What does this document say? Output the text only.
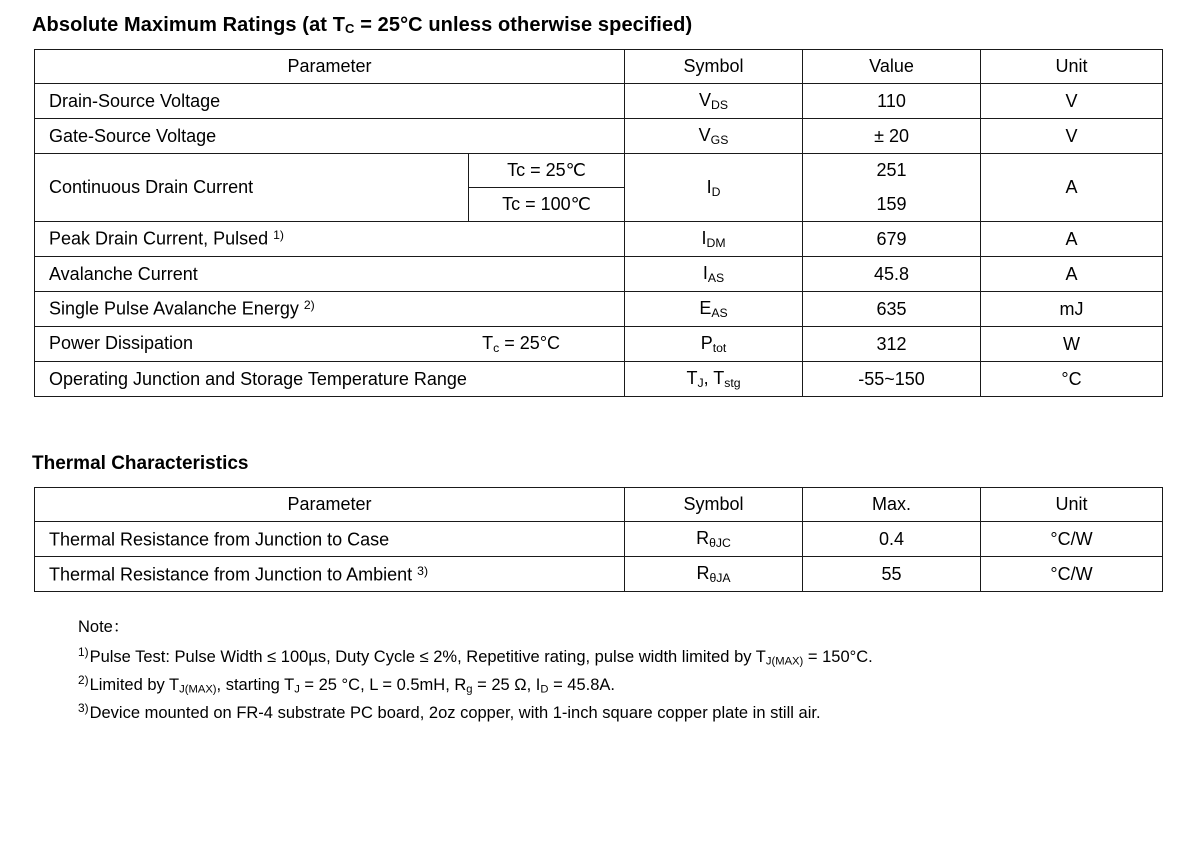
Absolute Maximum Ratings (at $T_C = 25^\circ C$ unless otherwise specified)
Parameter		Symbol	Value	Unit
Drain-Source Voltage		$V_{DS}$	110	V
Gate-Source Voltage		$V_{GS}$	± 20	V
Continuous Drain Current	Tc = 25℃	$I_D$	251	A
	Tc = 100℃		159	
Peak Drain Current, Pulsed $^{1)}$		$I_{DM}$	679	A
Avalanche Current		$I_{AS}$	45.8	A
Single Pulse Avalanche Energy $^{2)}$		$E_{AS}$	635	mJ
Power Dissipation $T_c = 25^\circ C$		$P_{tot}$	312	W
Operating Junction and Storage Temperature Range		$T_J$, $T_{stg}$	-55~150	°C
Thermal Characteristics
Parameter	Symbol	Max.	Unit
Thermal Resistance from Junction to Case	$R_{\theta JC}$	0.4	°C/W
Thermal Resistance from Junction to Ambient $^{3)}$	$R_{\theta JA}$	55	°C/W
Note：
$^{1)}$Pulse Test: Pulse Width ≤ 100µs, Duty Cycle ≤ 2%, Repetitive rating, pulse width limited by $T_{J(MAX)} = 150^\circ C$.
$^{2)}$Limited by $T_{J(MAX)}$, starting $T_J = 25$ °C, L = 0.5mH, $R_g = 25$ Ω, $I_D = 45.8A$.
$^{3)}$Device mounted on FR-4 substrate PC board, 2oz copper, with 1-inch square copper plate in still air.
